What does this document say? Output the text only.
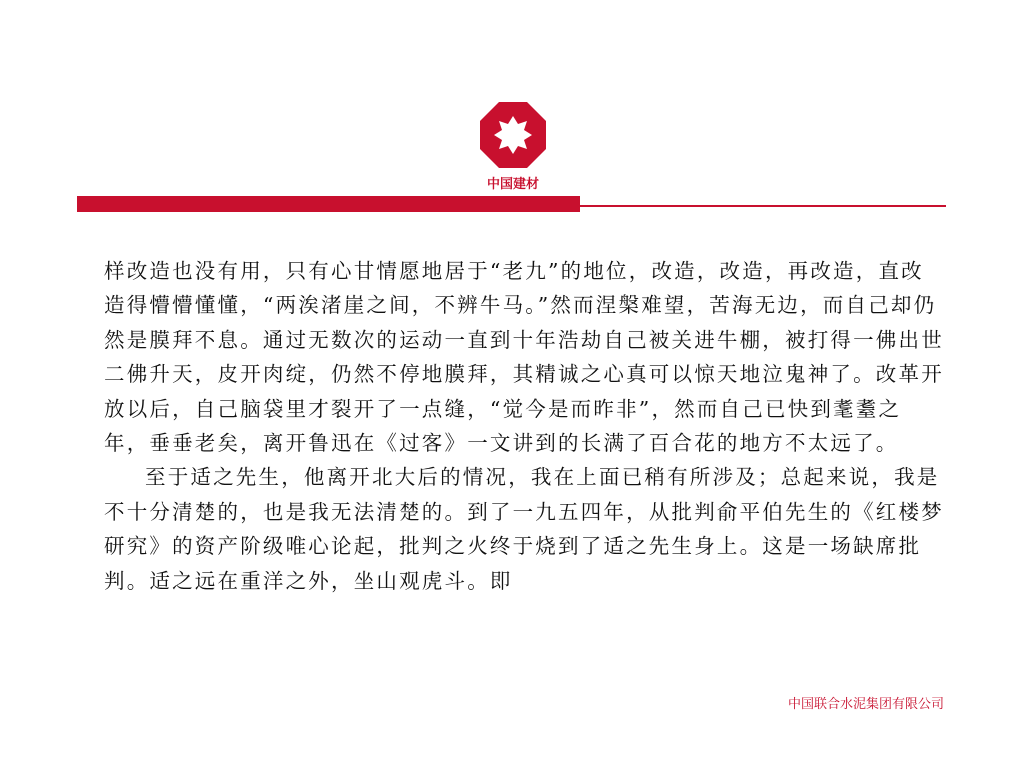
中国建材

样改造也没有用，只有心甘情愿地居于“老九”的地位，改造，改造，再改造，直改造得懵懵懂懂，“两涘渚崖之间，不辨牛马。”然而涅槃难望，苦海无边，而自己却仍然是膜拜不息。通过无数次的运动一直到十年浩劫自己被关进牛棚，被打得一佛出世二佛升天，皮开肉绽，仍然不停地膜拜，其精诚之心真可以惊天地泣鬼神了。改革开放以后，自己脑袋里才裂开了一点缝，“觉今是而昨非”，然而自己已快到耄耋之年，垂垂老矣，离开鲁迅在《过客》一文讲到的长满了百合花的地方不太远了。

至于适之先生，他离开北大后的情况，我在上面已稍有所涉及；总起来说，我是不十分清楚的，也是我无法清楚的。到了一九五四年，从批判俞平伯先生的《红楼梦研究》的资产阶级唯心论起，批判之火终于烧到了适之先生身上。这是一场缺席批判。适之远在重洋之外，坐山观虎斗。即

中国联合水泥集团有限公司
